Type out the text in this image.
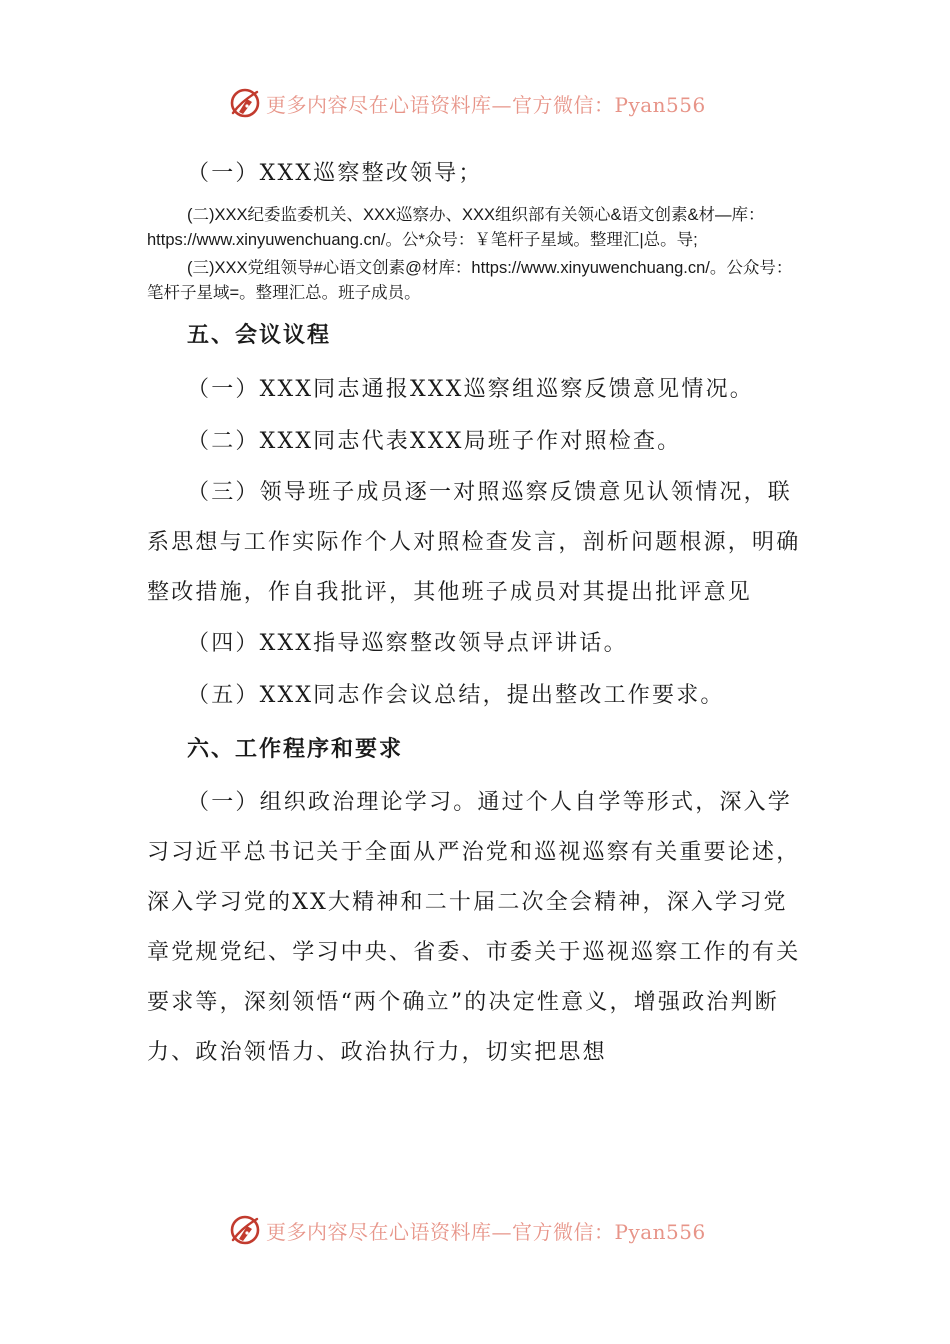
更多内容尽在心语资料库—官方微信：Pyan556

（一）XXX巡察整改领导；

(二)XXX纪委监委机关、XXX巡察办、XXX组织部有关领心&语文创素&材—库：https://www.xinyuwenchuang.cn/。公*众号：￥笔杆子星域。整理汇|总。导;

(三)XXX党组领导#心语文创素@材库：https://www.xinyuwenchuang.cn/。公众号：笔杆子星域=。整理汇总。班子成员。

五、会议议程

（一）XXX同志通报XXX巡察组巡察反馈意见情况。

（二）XXX同志代表XXX局班子作对照检查。

（三）领导班子成员逐一对照巡察反馈意见认领情况，联系思想与工作实际作个人对照检查发言，剖析问题根源，明确整改措施，作自我批评，其他班子成员对其提出批评意见

（四）XXX指导巡察整改领导点评讲话。

（五）XXX同志作会议总结，提出整改工作要求。

六、工作程序和要求

（一）组织政治理论学习。通过个人自学等形式，深入学习习近平总书记关于全面从严治党和巡视巡察有关重要论述，深入学习党的XX大精神和二十届二次全会精神，深入学习党章党规党纪、学习中央、省委、市委关于巡视巡察工作的有关要求等，深刻领悟“两个确立”的决定性意义，增强政治判断力、政治领悟力、政治执行力，切实把思想

更多内容尽在心语资料库—官方微信：Pyan556
